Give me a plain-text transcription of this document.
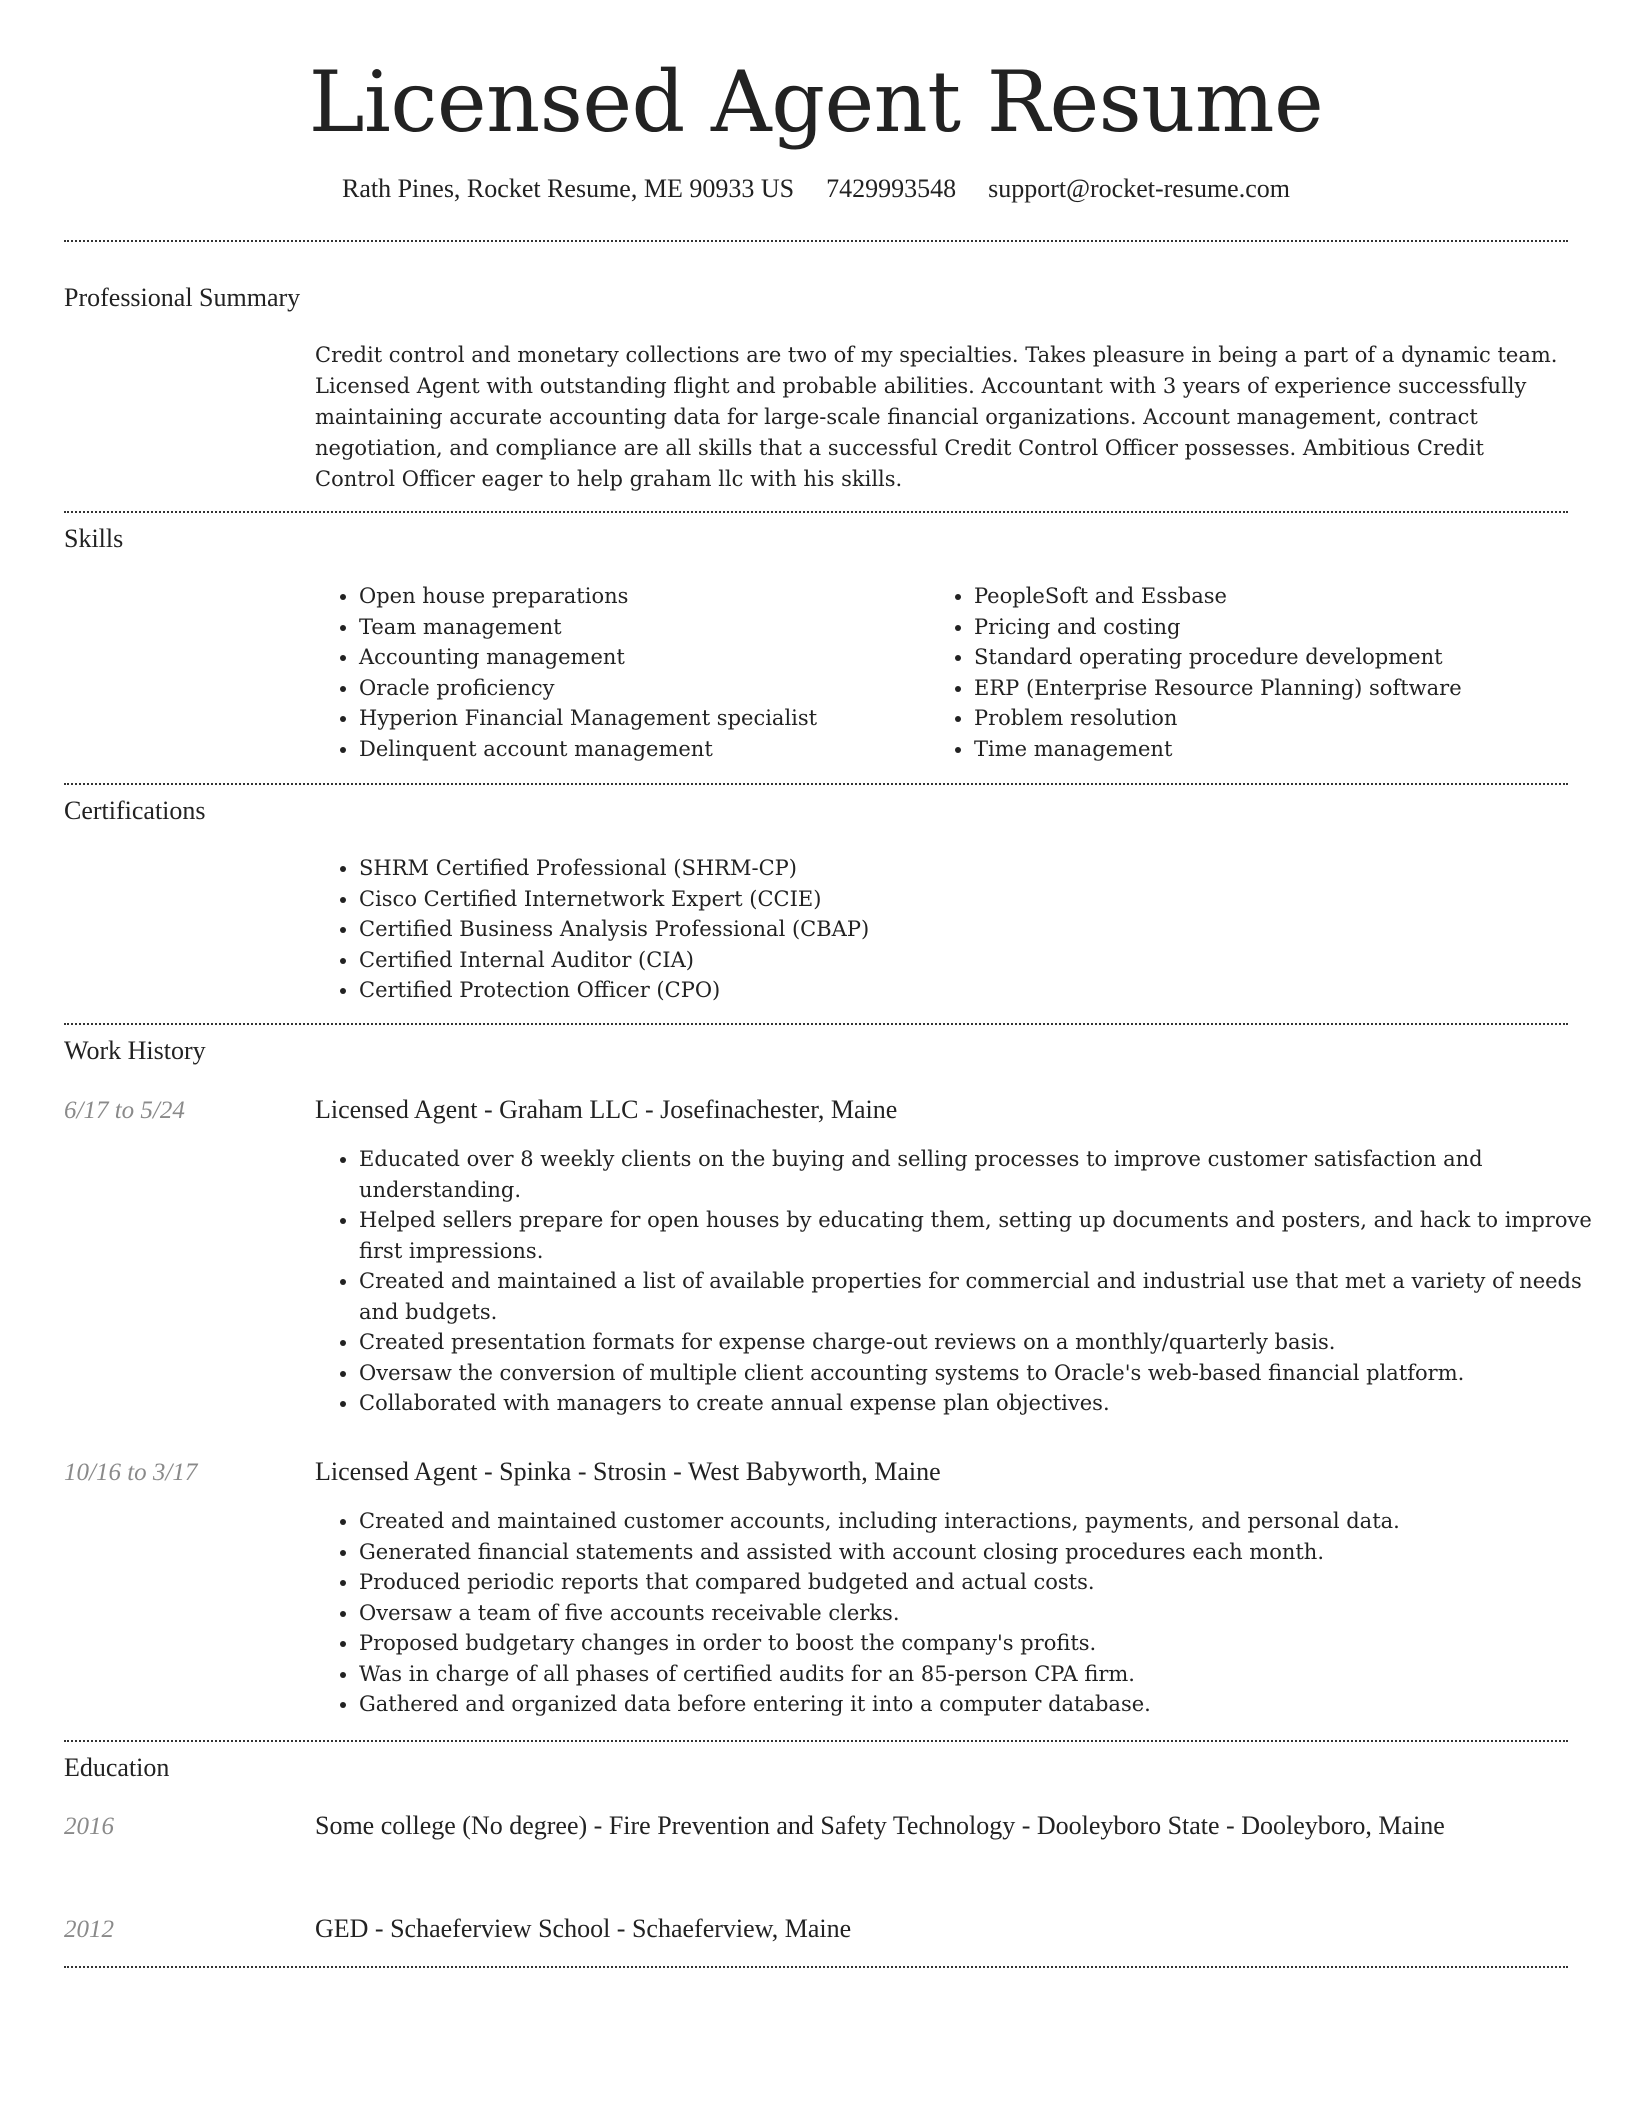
Licensed Agent Resume
Rath Pines, Rocket Resume, ME 90933 US 7429993548 support@rocket-resume.com
Professional Summary
Credit control and monetary collections are two of my specialties. Takes pleasure in being a part of a dynamic team. Licensed Agent with outstanding flight and probable abilities. Accountant with 3 years of experience successfully maintaining accurate accounting data for large-scale financial organizations. Account management, contract negotiation, and compliance are all skills that a successful Credit Control Officer possesses. Ambitious Credit Control Officer eager to help graham llc with his skills.
Skills
• Open house preparations
• Team management
• Accounting management
• Oracle proficiency
• Hyperion Financial Management specialist
• Delinquent account management
• PeopleSoft and Essbase
• Pricing and costing
• Standard operating procedure development
• ERP (Enterprise Resource Planning) software
• Problem resolution
• Time management
Certifications
• SHRM Certified Professional (SHRM-CP)
• Cisco Certified Internetwork Expert (CCIE)
• Certified Business Analysis Professional (CBAP)
• Certified Internal Auditor (CIA)
• Certified Protection Officer (CPO)
Work History
6/17 to 5/24	Licensed Agent - Graham LLC - Josefinachester, Maine
• Educated over 8 weekly clients on the buying and selling processes to improve customer satisfaction and understanding.
• Helped sellers prepare for open houses by educating them, setting up documents and posters, and hack to improve first impressions.
• Created and maintained a list of available properties for commercial and industrial use that met a variety of needs and budgets.
• Created presentation formats for expense charge-out reviews on a monthly/quarterly basis.
• Oversaw the conversion of multiple client accounting systems to Oracle's web-based financial platform.
• Collaborated with managers to create annual expense plan objectives.
10/16 to 3/17	Licensed Agent - Spinka - Strosin - West Babyworth, Maine
• Created and maintained customer accounts, including interactions, payments, and personal data.
• Generated financial statements and assisted with account closing procedures each month.
• Produced periodic reports that compared budgeted and actual costs.
• Oversaw a team of five accounts receivable clerks.
• Proposed budgetary changes in order to boost the company's profits.
• Was in charge of all phases of certified audits for an 85-person CPA firm.
• Gathered and organized data before entering it into a computer database.
Education
2016	Some college (No degree) - Fire Prevention and Safety Technology - Dooleyboro State - Dooleyboro, Maine
2012	GED - Schaeferview School - Schaeferview, Maine
